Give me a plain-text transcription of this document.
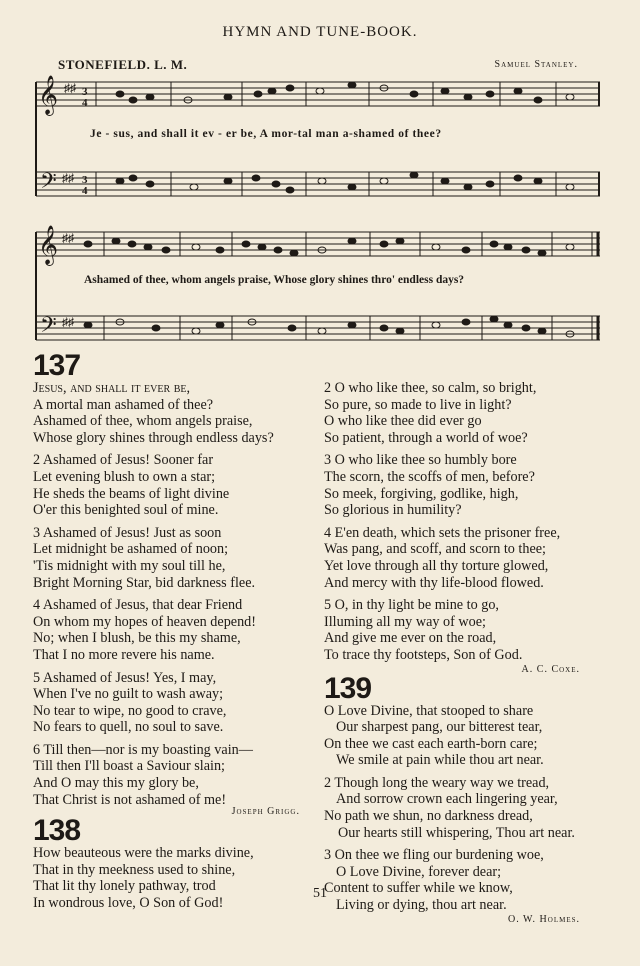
HYMN AND TUNE-BOOK.
STONEFIELD. L. M.	Samuel Stanley.
𝄞
𝄢
♯♯
♯♯
3
4
3
4
Je - sus, and shall it ev - er be, A mor-tal man a-shamed of thee?
𝄞
𝄢
♯♯
♯♯
Ashamed of thee, whom angels praise, Whose glory shines thro' endless days?
137
Jesus, and shall it ever be,
A mortal man ashamed of thee?
Ashamed of thee, whom angels praise,
Whose glory shines through endless days?
2 Ashamed of Jesus! Sooner far
Let evening blush to own a star;
He sheds the beams of light divine
O'er this benighted soul of mine.
3 Ashamed of Jesus! Just as soon
Let midnight be ashamed of noon;
'Tis midnight with my soul till he,
Bright Morning Star, bid darkness flee.
4 Ashamed of Jesus, that dear Friend
On whom my hopes of heaven depend!
No; when I blush, be this my shame,
That I no more revere his name.
5 Ashamed of Jesus! Yes, I may,
When I've no guilt to wash away;
No tear to wipe, no good to crave,
No fears to quell, no soul to save.
6 Till then—nor is my boasting vain—
Till then I'll boast a Saviour slain;
And O may this my glory be,
That Christ is not ashamed of me!
Joseph Grigg.
138
How beauteous were the marks divine,
That in thy meekness used to shine,
That lit thy lonely pathway, trod
In wondrous love, O Son of God!
2 O who like thee, so calm, so bright,
So pure, so made to live in light?
O who like thee did ever go
So patient, through a world of woe?
3 O who like thee so humbly bore
The scorn, the scoffs of men, before?
So meek, forgiving, godlike, high,
So glorious in humility?
4 E'en death, which sets the prisoner free,
Was pang, and scoff, and scorn to thee;
Yet love through all thy torture glowed,
And mercy with thy life-blood flowed.
5 O, in thy light be mine to go,
Illuming all my way of woe;
And give me ever on the road,
To trace thy footsteps, Son of God.
A. C. Coxe.
139
O Love Divine, that stooped to share
Our sharpest pang, our bitterest tear,
On thee we cast each earth-born care;
We smile at pain while thou art near.
2 Though long the weary way we tread,
And sorrow crown each lingering year,
No path we shun, no darkness dread,
Our hearts still whispering, Thou art near.
3 On thee we fling our burdening woe,
O Love Divine, forever dear;
Content to suffer while we know,
Living or dying, thou art near.
O. W. Holmes.
51
